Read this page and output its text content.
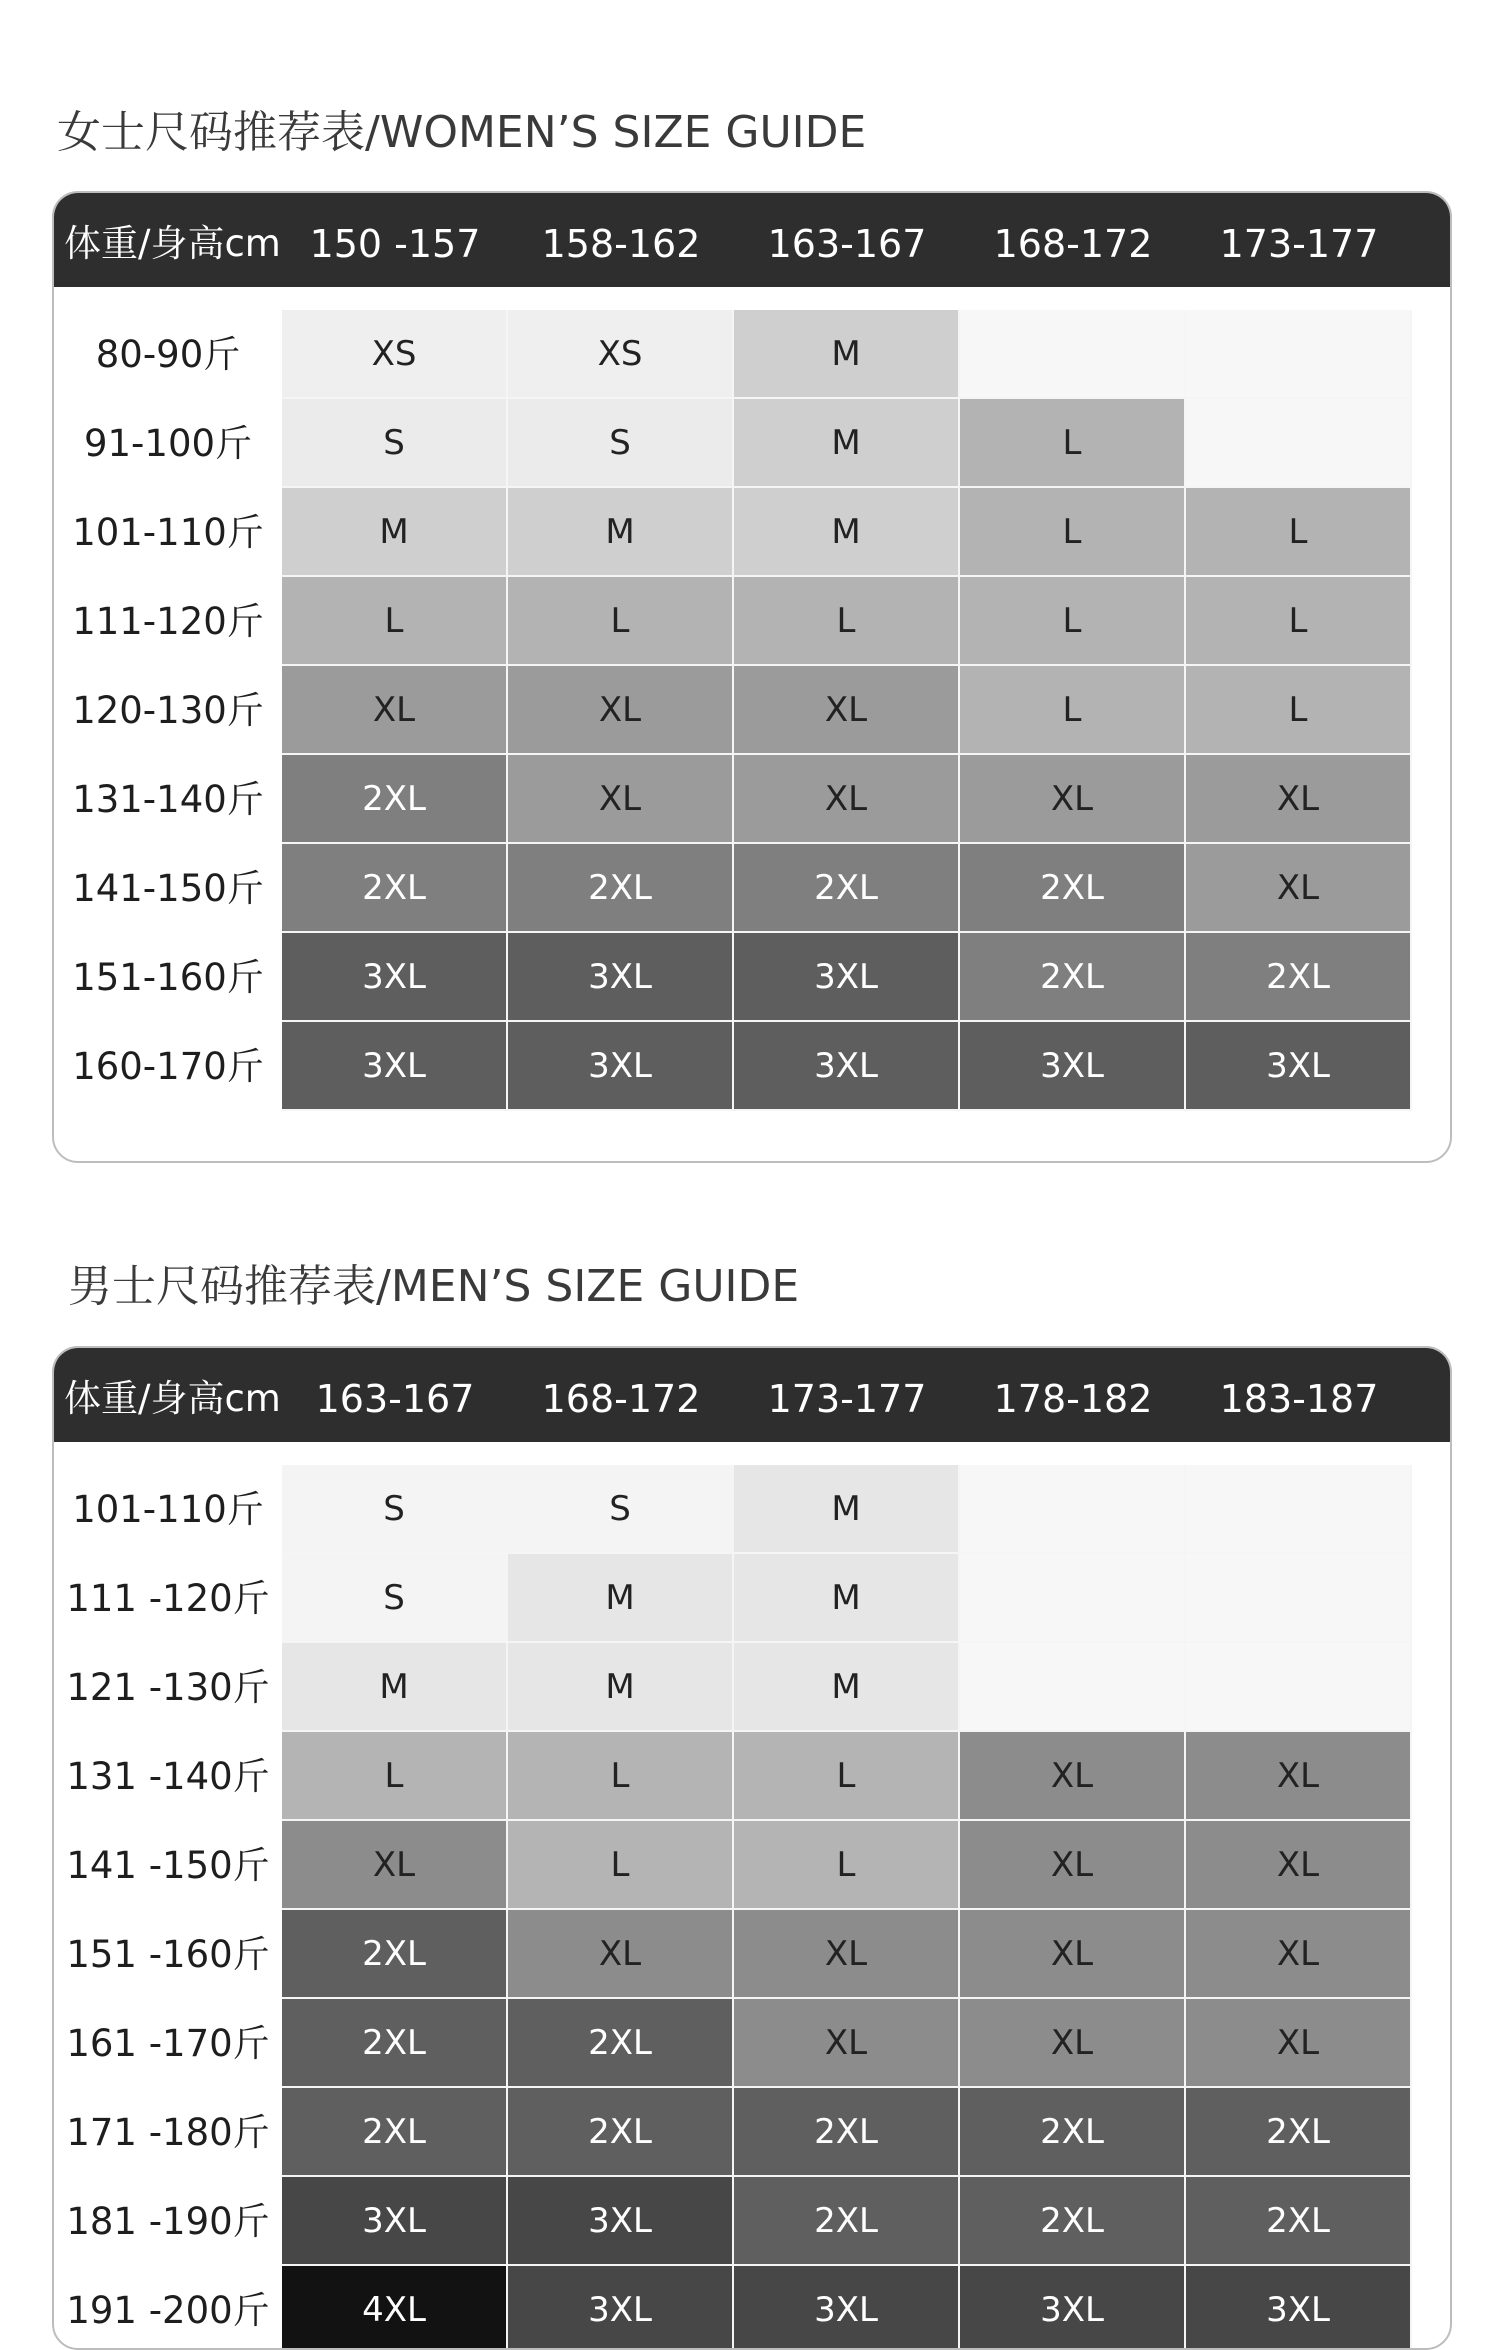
女士尺码推荐表/WOMEN’S SIZE GUIDE
体重/身高cm 150 -157	158-162	163-167	168-172	173-177
80-90斤	XS	XS	M
91-100斤	S	S	M	L
101-110斤	M	M	M	L	L
111-120斤	L	L	L	L	L
120-130斤	XL	XL	XL	L	L
131-140斤	2XL	XL	XL	XL	XL
141-150斤	2XL	2XL	2XL	2XL	XL
151-160斤	3XL	3XL	3XL	2XL	2XL
160-170斤	3XL	3XL	3XL	3XL	3XL
男士尺码推荐表/MEN’S SIZE GUIDE
体重/身高cm 163-167	168-172	173-177	178-182	183-187
101-110斤	S	S	M
111 -120斤	S	M	M
121 -130斤	M	M	M
131 -140斤	L	L	L	XL	XL
141 -150斤	XL	L	L	XL	XL
151 -160斤	2XL	XL	XL	XL	XL
161 -170斤	2XL	2XL	XL	XL	XL
171 -180斤	2XL	2XL	2XL	2XL	2XL
181 -190斤	3XL	3XL	2XL	2XL	2XL
191 -200斤	4XL	3XL	3XL	3XL	3XL
